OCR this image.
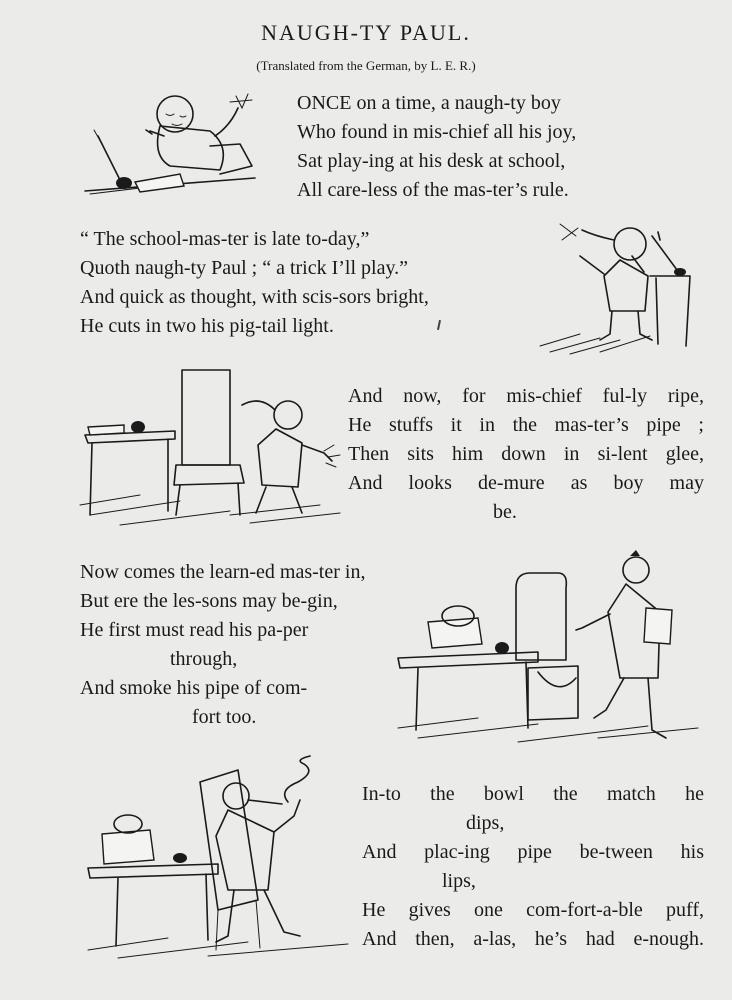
NAUGH-TY PAUL.
(Translated from the German, by L. E. R.)
ONCE on a time, a naugh-ty boy
Who found in mis-chief all his joy,
Sat play-ing at his desk at school,
All care-less of the mas-ter’s rule.
“ The school-mas-ter is late to-day,”
Quoth naugh-ty Paul ; “ a trick I’ll play.”
And quick as thought, with scis-sors bright,
He cuts in two his pig-tail light.
And now, for mis-chief ful-ly ripe,
He stuffs it in the mas-ter’s pipe ;
Then sits him down in si-lent glee,
And looks de-mure as boy may
be.
Now comes the learn-ed mas-ter in,
But ere the les-sons may be-gin,
He first must read his pa-per
through,
And smoke his pipe of com-
fort too.
In-to the bowl the match he
dips,
And plac-ing pipe be-tween his
lips,
He gives one com-fort-a-ble puff,
And then, a-las, he’s had e-nough.
